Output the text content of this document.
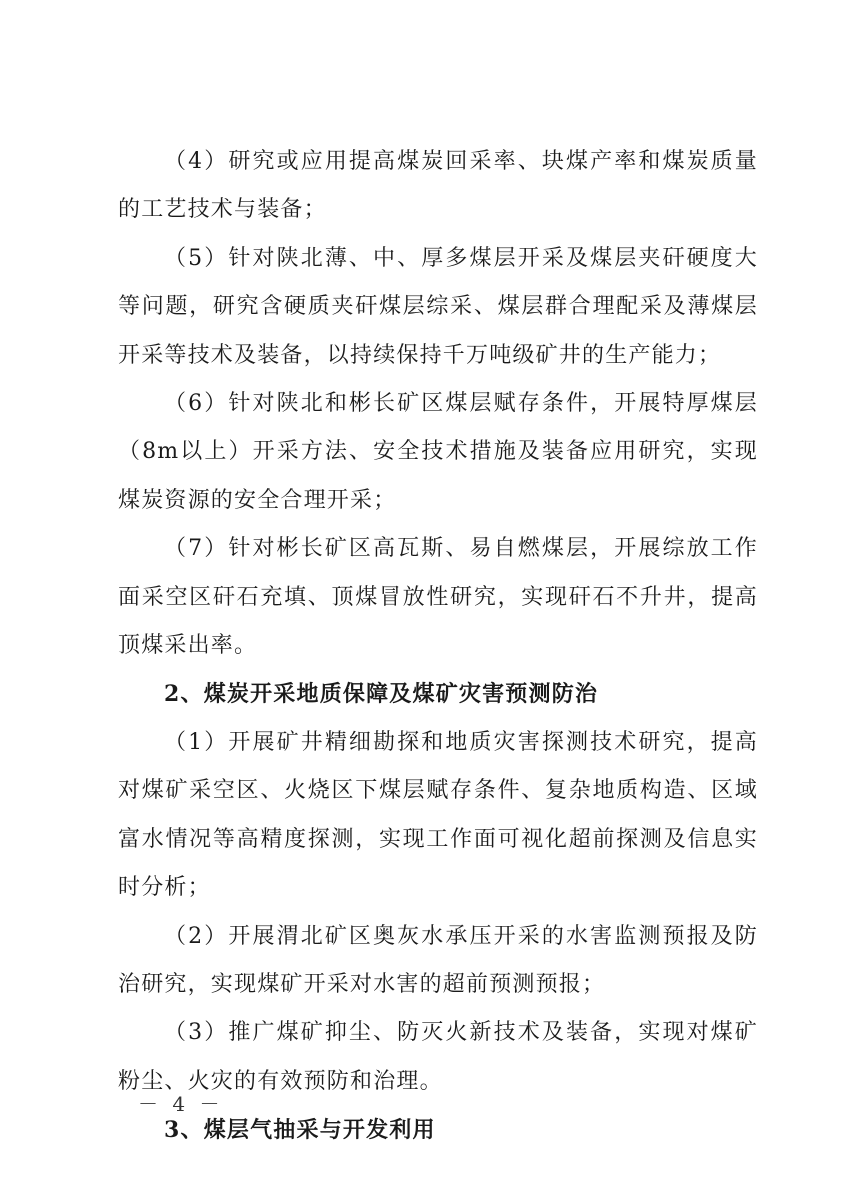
（4）研究或应用提高煤炭回采率、块煤产率和煤炭质量的工艺技术与装备；

（5）针对陕北薄、中、厚多煤层开采及煤层夹矸硬度大等问题，研究含硬质夹矸煤层综采、煤层群合理配采及薄煤层开采等技术及装备，以持续保持千万吨级矿井的生产能力；

（6）针对陕北和彬长矿区煤层赋存条件，开展特厚煤层（8m以上）开采方法、安全技术措施及装备应用研究，实现煤炭资源的安全合理开采；

（7）针对彬长矿区高瓦斯、易自燃煤层，开展综放工作面采空区矸石充填、顶煤冒放性研究，实现矸石不升井，提高顶煤采出率。

2、煤炭开采地质保障及煤矿灾害预测防治

（1）开展矿井精细勘探和地质灾害探测技术研究，提高对煤矿采空区、火烧区下煤层赋存条件、复杂地质构造、区域富水情况等高精度探测，实现工作面可视化超前探测及信息实时分析；

（2）开展渭北矿区奥灰水承压开采的水害监测预报及防治研究，实现煤矿开采对水害的超前预测预报；

（3）推广煤矿抑尘、防灭火新技术及装备，实现对煤矿粉尘、火灾的有效预防和治理。

3、煤层气抽采与开发利用

－ 4 －
